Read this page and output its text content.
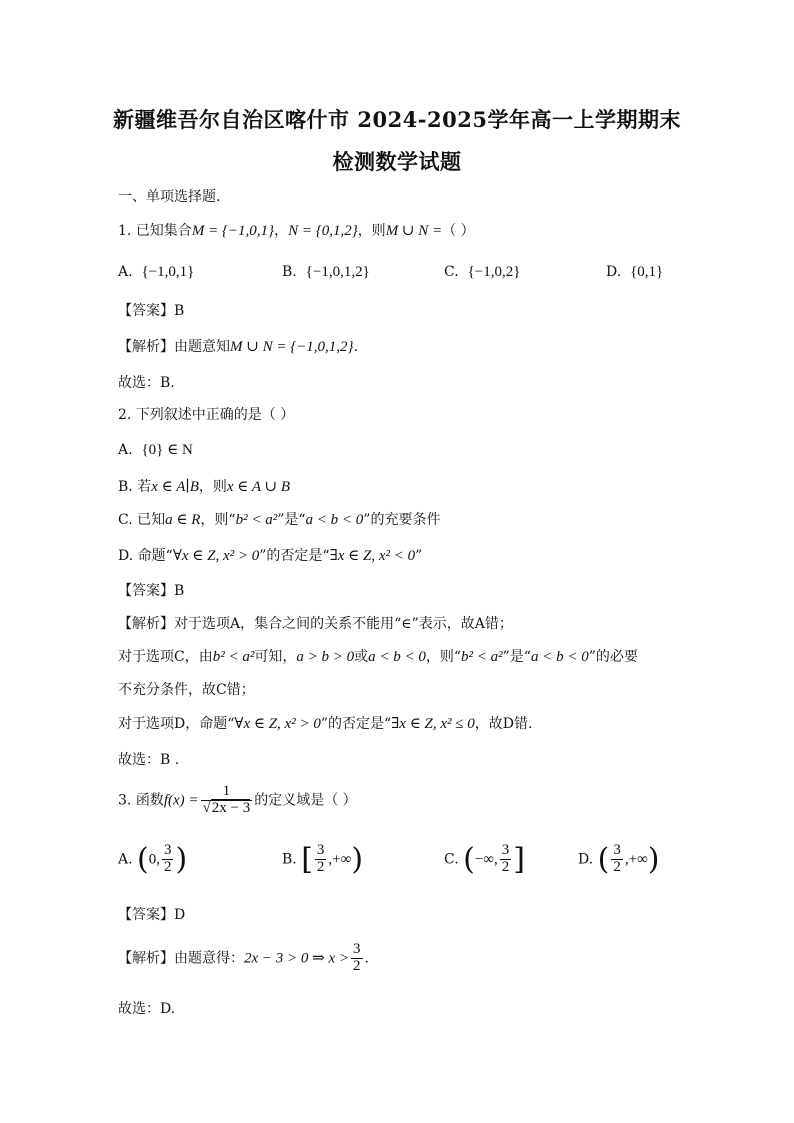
新疆维吾尔自治区喀什市 2024-2025学年高一上学期期末
检测数学试题
一、单项选择题.
1. 已知集合M = {−1,0,1}，N = {0,1,2}，则M ∪ N =（ ）
A. {−1,0,1}	B. {−1,0,1,2}	C. {−1,0,2}	D. {0,1}
【答案】B
【解析】由题意知M ∪ N = {−1,0,1,2}.
故选：B.
2. 下列叙述中正确的是（ ）
A. {0} ∈ N
B. 若x ∈ A∣B，则x ∈ A ∪ B
C. 已知a ∈ R，则“b² < a²”是“a < b < 0”的充要条件
D. 命题“∀x ∈ Z, x² > 0”的否定是“∃x ∈ Z, x² < 0”
【答案】B
【解析】对于选项A，集合之间的关系不能用“∈”表示，故A错；
对于选项C，由b² < a²可知，a > b > 0或a < b < 0，则“b² < a²”是“a < b < 0”的必要
不充分条件，故C错；
对于选项D，命题“∀x ∈ Z, x² > 0”的否定是“∃x ∈ Z, x² ≤ 0，故D错.
故选：B .
3. 函数$f(x) = \frac{1}{√2x - 3}$ 的定义域是（ ）
A. (0, $\frac{3}{2}$ )	B. [ $\frac{3}{2}$ ,+∞)	C. (−∞, $\frac{3}{2}$ ]	D. ( $\frac{3}{2}$ ,+∞)
【答案】D
【解析】由题意得：2x − 3 > 0 ⇒ $x > \frac{3}{2}$ .
故选：D.
